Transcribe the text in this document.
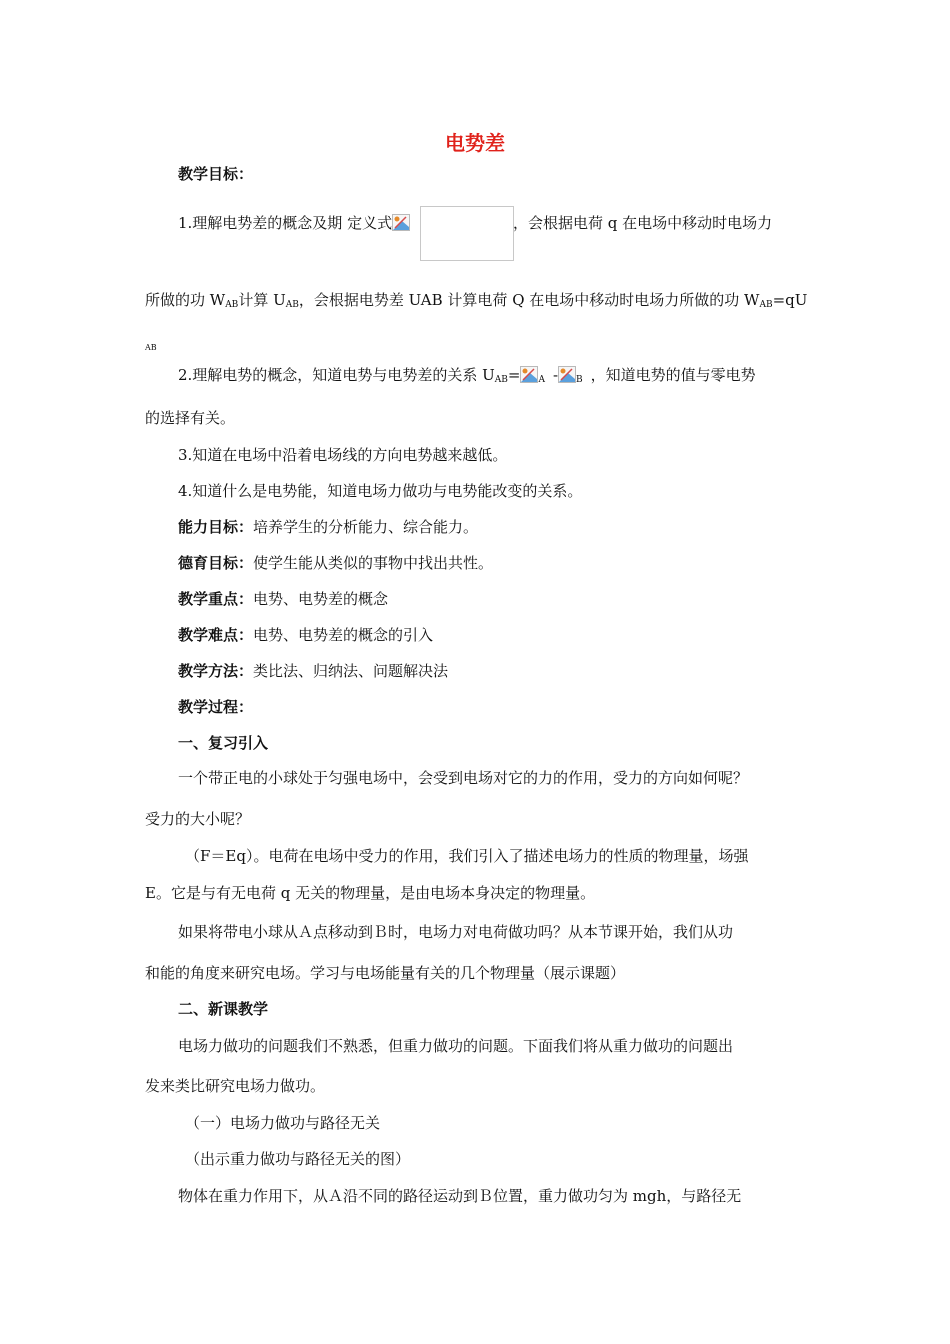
电势差
教学目标：
1.理解电势差的概念及期 定义式	，会根据电荷 q 在电场中移动时电场力
所做的功 $W_{AB}$计算 $U_{AB}$，会根据电势差 UAB 计算电荷 Q 在电场中移动时电场力所做的功 $W_{AB}=qU$
AB
2.理解电势的概念，知道电势与电势差的关系 $U_{AB}= _A - _B$ ，知道电势的值与零电势
的选择有关。
3.知道在电场中沿着电场线的方向电势越来越低。
4.知道什么是电势能，知道电场力做功与电势能改变的关系。
能力目标：培养学生的分析能力、综合能力。
德育目标：使学生能从类似的事物中找出共性。
教学重点：电势、电势差的概念
教学难点：电势、电势差的概念的引入
教学方法：类比法、归纳法、问题解决法
教学过程：
一、复习引入
一个带正电的小球处于匀强电场中，会受到电场对它的力的作用，受力的方向如何呢？
受力的大小呢？
（F＝Eq）。电荷在电场中受力的作用，我们引入了描述电场力的性质的物理量，场强
E。它是与有无电荷 q 无关的物理量，是由电场本身决定的物理量。
如果将带电小球从Ａ点移动到Ｂ时，电场力对电荷做功吗？从本节课开始，我们从功
和能的角度来研究电场。学习与电场能量有关的几个物理量（展示课题）
二、新课教学
电场力做功的问题我们不熟悉，但重力做功的问题。下面我们将从重力做功的问题出
发来类比研究电场力做功。
（一）电场力做功与路径无关
（出示重力做功与路径无关的图）
物体在重力作用下，从Ａ沿不同的路径运动到Ｂ位置，重力做功匀为 mgh，与路径无
